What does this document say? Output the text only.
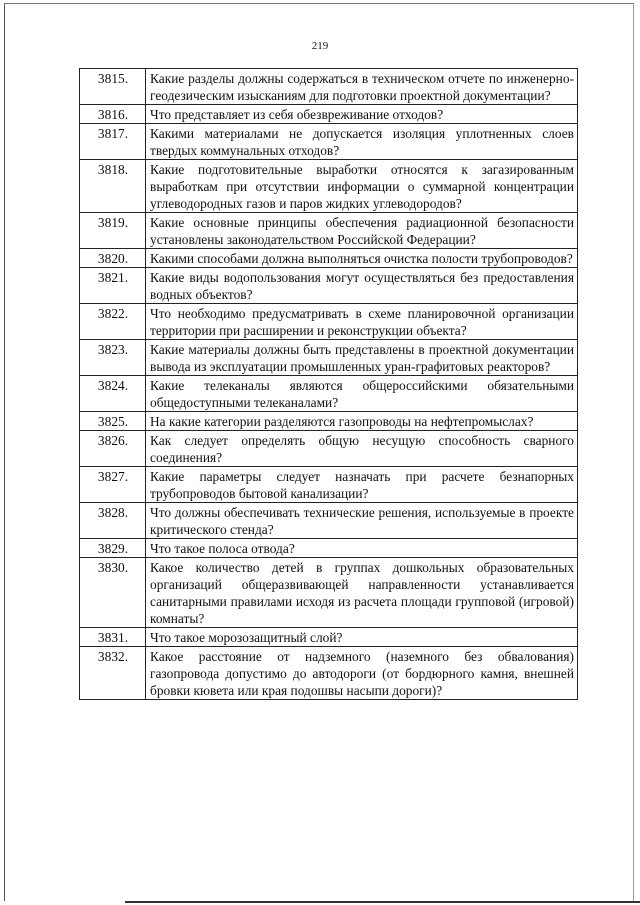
219
3815.	Какие разделы должны содержаться в техническом отчете по инженерно-геодезическим изысканиям для подготовки проектной документации?
3816.	Что представляет из себя обезвреживание отходов?
3817.	Какими материалами не допускается изоляция уплотненных слоев твердых коммунальных отходов?
3818.	Какие подготовительные выработки относятся к загазированным выработкам при отсутствии информации о суммарной концентрации углеводородных газов и паров жидких углеводородов?
3819.	Какие основные принципы обеспечения радиационной безопасности установлены законодательством Российской Федерации?
3820.	Какими способами должна выполняться очистка полости трубопроводов?
3821.	Какие виды водопользования могут осуществляться без предоставления водных объектов?
3822.	Что необходимо предусматривать в схеме планировочной организации территории при расширении и реконструкции объекта?
3823.	Какие материалы должны быть представлены в проектной документации вывода из эксплуатации промышленных уран-графитовых реакторов?
3824.	Какие телеканалы являются общероссийскими обязательными общедоступными телеканалами?
3825.	На какие категории разделяются газопроводы на нефтепромыслах?
3826.	Как следует определять общую несущую способность сварного соединения?
3827.	Какие параметры следует назначать при расчете безнапорных трубопроводов бытовой канализации?
3828.	Что должны обеспечивать технические решения, используемые в проекте критического стенда?
3829.	Что такое полоса отвода?
3830.	Какое количество детей в группах дошкольных образовательных организаций общеразвивающей направленности устанавливается санитарными правилами исходя из расчета площади групповой (игровой) комнаты?
3831.	Что такое морозозащитный слой?
3832.	Какое расстояние от надземного (наземного без обвалования) газопровода допустимо до автодороги (от бордюрного камня, внешней бровки кювета или края подошвы насыпи дороги)?
